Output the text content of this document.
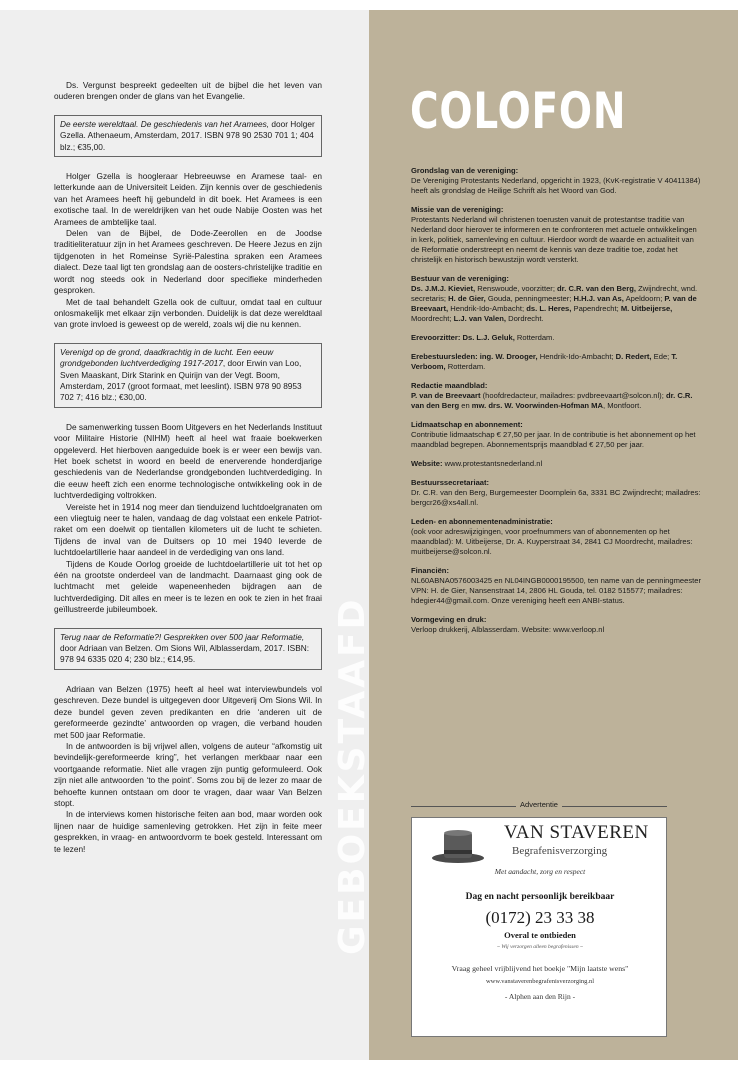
Ds. Vergunst bespreekt gedeelten uit de bijbel die het leven van ouderen brengen onder de glans van het Evangelie.

De eerste wereldtaal. De geschiedenis van het Aramees, door Holger Gzella. Athenaeum, Amsterdam, 2017. ISBN 978 90 2530 701 1; 404 blz.; €35,00.

Holger Gzella is hoogleraar Hebreeuwse en Aramese taal- en letterkunde aan de Universiteit Leiden. Zijn kennis over de geschiedenis van het Aramees heeft hij gebundeld in dit boek. Het Aramees is een exotische taal. In de wereldrijken van het oude Nabije Oosten was het Aramees de ambtelijke taal.

Delen van de Bijbel, de Dode-Zeerollen en de Joodse traditieliteratuur zijn in het Aramees geschreven. De Heere Jezus en zijn tijdgenoten in het Romeinse Syrië-Palestina spraken een Aramees dialect. Deze taal ligt ten grondslag aan de oosters-christelijke traditie en wordt nog steeds ook in Nederland door specifieke minderheden gesproken.

Met de taal behandelt Gzella ook de cultuur, omdat taal en cultuur onlosmakelijk met elkaar zijn verbonden. Duidelijk is dat deze wereldtaal van grote invloed is geweest op de wereld, zoals wij die nu kennen.

Verenigd op de grond, daadkrachtig in de lucht. Een eeuw grondgebonden luchtverdediging 1917-2017, door Erwin van Loo, Sven Maaskant, Dirk Starink en Quirijn van der Vegt. Boom, Amsterdam, 2017 (groot formaat, met leeslint). ISBN 978 90 8953 702 7; 416 blz.; €30,00.

De samenwerking tussen Boom Uitgevers en het Nederlands Instituut voor Militaire Historie (NIHM) heeft al heel wat fraaie boekwerken opgeleverd. Het hierboven aangeduide boek is er weer een bewijs van. Het boek schetst in woord en beeld de enerverende honderdjarige geschiedenis van de Nederlandse grondgebonden luchtverdediging. In die eeuw heeft zich een enorme technologische ontwikkeling ook in de luchtverdediging voltrokken.

Vereiste het in 1914 nog meer dan tienduizend luchtdoelgranaten om een vliegtuig neer te halen, vandaag de dag volstaat een enkele Patriot-raket om een doelwit op tientallen kilometers uit de lucht te schieten. Tijdens de inval van de Duitsers op 10 mei 1940 leverde de luchtdoelartillerie haar aandeel in de verdediging van ons land.

Tijdens de Koude Oorlog groeide de luchtdoelartillerie uit tot het op één na grootste onderdeel van de landmacht. Daarnaast ging ook de luchtmacht met geleide wapeneenheden bijdragen aan de luchtverdediging. Dit alles en meer is te lezen en ook te zien in het fraai geïllustreerde jubileumboek.

Terug naar de Reformatie?! Gesprekken over 500 jaar Reformatie, door Adriaan van Belzen. Om Sions Wil, Alblasserdam, 2017. ISBN: 978 94 6335 020 4; 230 blz.; €14,95.

Adriaan van Belzen (1975) heeft al heel wat interviewbundels vol geschreven. Deze bundel is uitgegeven door Uitgeverij Om Sions Wil. In deze bundel geven zeven predikanten en drie ‘anderen uit de gereformeerde gezindte’ antwoorden op vragen, die verband houden met 500 jaar Reformatie.

In de antwoorden is bij vrijwel allen, volgens de auteur “afkomstig uit bevindelijk-gereformeerde kring”, het verlangen merkbaar naar een voortgaande reformatie. Niet alle vragen zijn puntig geformuleerd. Ook zijn niet alle antwoorden ‘to the point’. Soms zou bij de lezer zo maar de behoefte kunnen ontstaan om door te vragen, daar waar Van Belzen stopt.

In de interviews komen historische feiten aan bod, maar worden ook lijnen naar de huidige samenleving getrokken. Het zijn in feite meer gesprekken, in vraag- en antwoordvorm te boek gesteld. Interessant om te lezen!	GEBOEKSTAAFD
COLOFON
Grondslag van de vereniging:
De Vereniging Protestants Nederland, opgericht in 1923, (KvK-registratie V 40411384) heeft als grondslag de Heilige Schrift als het Woord van God.
Missie van de vereniging:
Protestants Nederland wil christenen toerusten vanuit de protestantse traditie van Nederland door hierover te informeren en te confronteren met actuele ontwikkelingen in kerk, politiek, samenleving en cultuur. Hierdoor wordt de waarde en actualiteit van de Reformatie onderstreept en neemt de kennis van deze traditie toe, zodat het christelijk en historisch bewustzijn wordt versterkt.
Bestuur van de vereniging:
Ds. J.M.J. Kieviet, Renswoude, voorzitter; dr. C.R. van den Berg, Zwijndrecht, wnd. secretaris; H. de Gier, Gouda, penningmeester; H.H.J. van As, Apeldoorn; P. van de Breevaart, Hendrik-Ido-Ambacht; ds. L. Heres, Papendrecht; M. Uitbeijerse, Moordrecht; L.J. van Valen, Dordrecht.
Erevoorzitter: Ds. L.J. Geluk, Rotterdam.
Erebestuursleden: ing. W. Drooger, Hendrik-Ido-Ambacht; D. Redert, Ede; T. Verboom, Rotterdam.
Redactie maandblad:
P. van de Breevaart (hoofdredacteur, mailadres: pvdbreevaart@solcon.nl); dr. C.R. van den Berg en mw. drs. W. Voorwinden-Hofman MA, Montfoort.
Lidmaatschap en abonnement:
Contributie lidmaatschap € 27,50 per jaar. In de contributie is het abonnement op het maandblad begrepen. Abonnementsprijs maandblad € 27,50 per jaar.
Website: www.protestantsnederland.nl
Bestuurssecretariaat:
Dr. C.R. van den Berg, Burgemeester Doornplein 6a, 3331 BC Zwijndrecht; mailadres: bergcr26@xs4all.nl.
Leden- en abonnementenadministratie:
(ook voor adreswijzigingen, voor proefnummers van of abonnementen op het maandblad): M. Uitbeijerse, Dr. A. Kuyperstraat 34, 2841 CJ Moordrecht, mailadres: muitbeijerse@solcon.nl.
Financiën:
NL60ABNA0576003425 en NL04INGB0000195500, ten name van de penningmeester VPN: H. de Gier, Nansenstraat 14, 2806 HL Gouda, tel. 0182 515577; mailadres: hdegier44@gmail.com. Onze vereniging heeft een ANBI-status.
Vormgeving en druk:
Verloop drukkerij, Alblasserdam. Website: www.verloop.nl
Advertentie
VAN STAVEREN
Begrafenisverzorging
Met aandacht, zorg en respect
Dag en nacht persoonlijk bereikbaar
(0172) 23 33 38
Overal te ontbieden
~ Wij verzorgen alleen begrafenissen ~
Vraag geheel vrijblijvend het boekje "Mijn laatste wens"
www.vanstaverenbegrafenisverzorging.nl
- Alphen aan den Rijn -
